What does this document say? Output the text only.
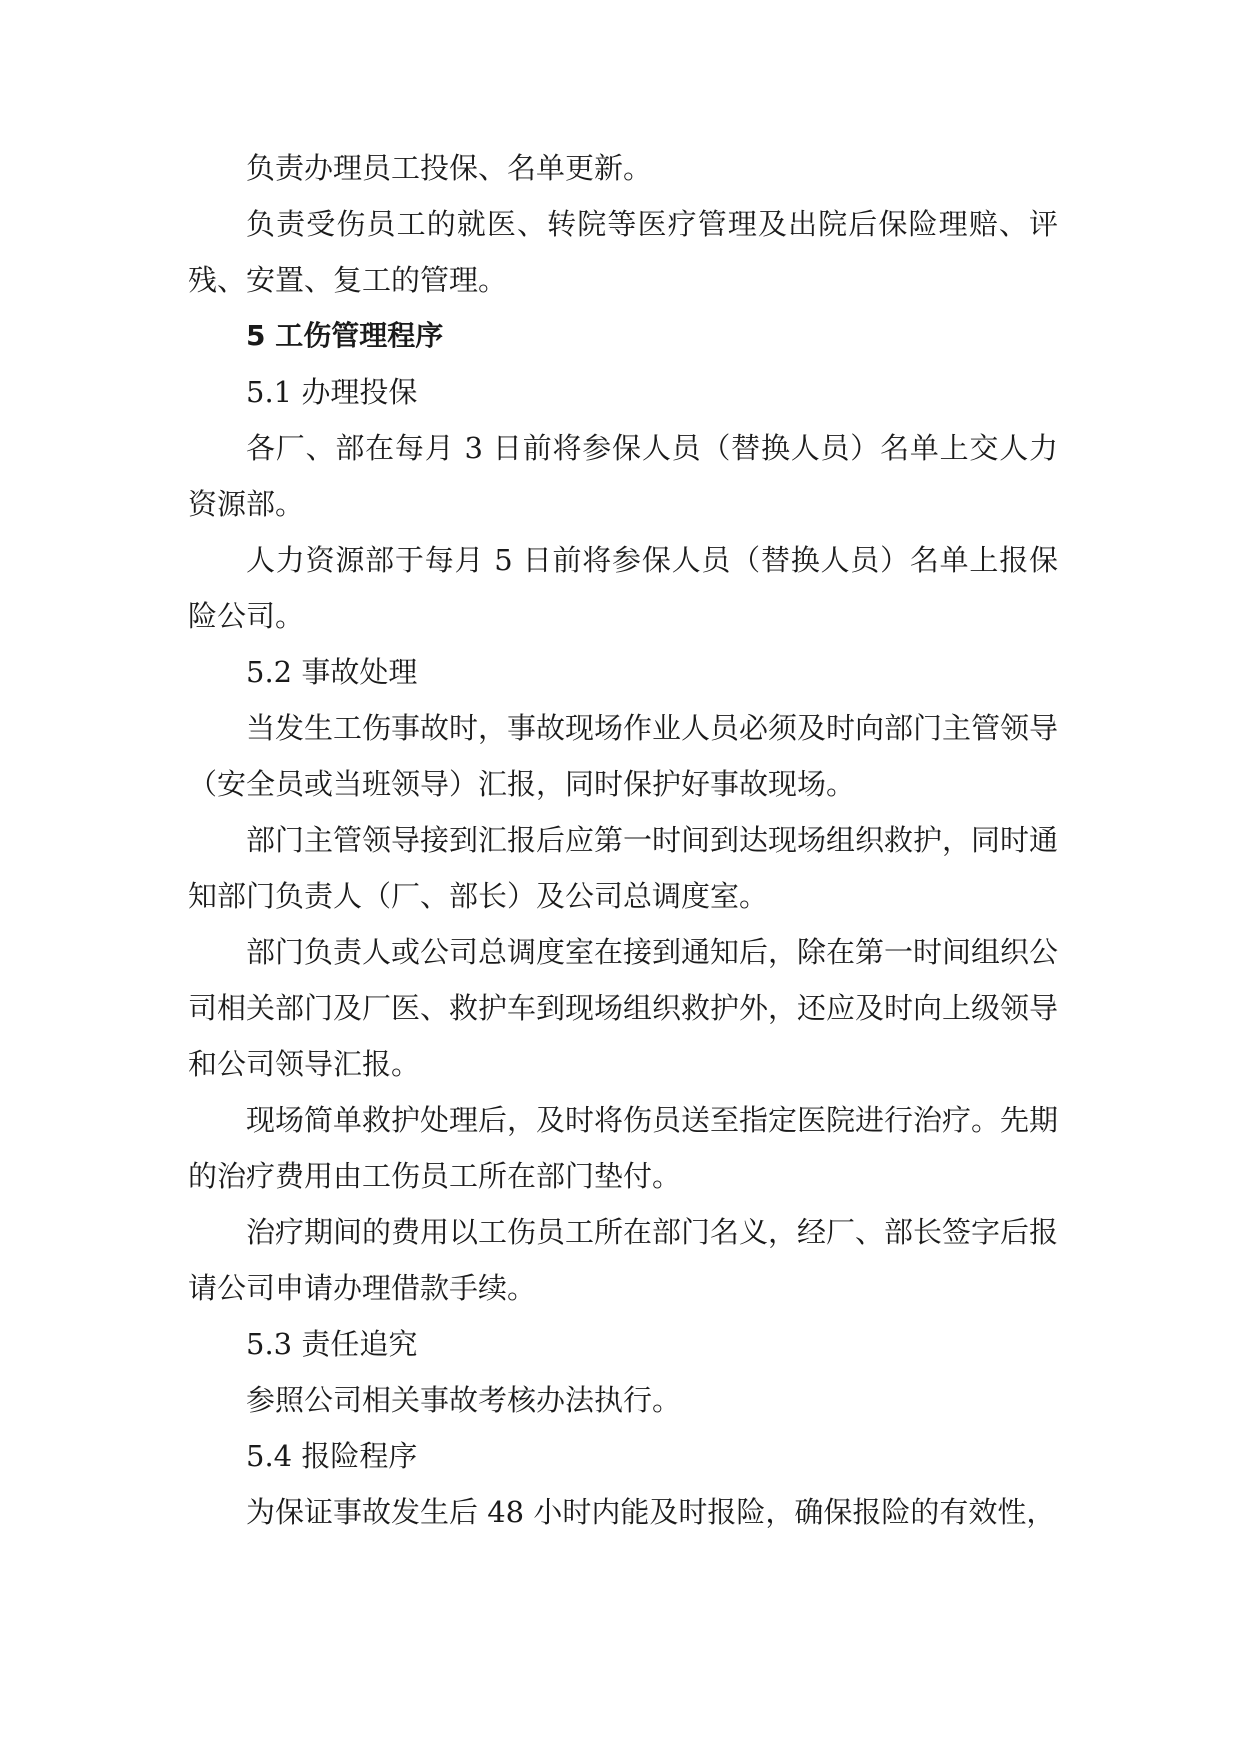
负责办理员工投保、名单更新。

负责受伤员工的就医、转院等医疗管理及出院后保险理赔、评残、安置、复工的管理。

5 工伤管理程序

5.1 办理投保

各厂、部在每月 3 日前将参保人员（替换人员）名单上交人力资源部。

人力资源部于每月 5 日前将参保人员（替换人员）名单上报保险公司。

5.2 事故处理

当发生工伤事故时，事故现场作业人员必须及时向部门主管领导（安全员或当班领导）汇报，同时保护好事故现场。

部门主管领导接到汇报后应第一时间到达现场组织救护，同时通知部门负责人（厂、部长）及公司总调度室。

部门负责人或公司总调度室在接到通知后，除在第一时间组织公司相关部门及厂医、救护车到现场组织救护外，还应及时向上级领导和公司领导汇报。

现场简单救护处理后，及时将伤员送至指定医院进行治疗。先期的治疗费用由工伤员工所在部门垫付。

治疗期间的费用以工伤员工所在部门名义，经厂、部长签字后报请公司申请办理借款手续。

5.3 责任追究

参照公司相关事故考核办法执行。

5.4 报险程序

为保证事故发生后 48 小时内能及时报险，确保报险的有效性，
